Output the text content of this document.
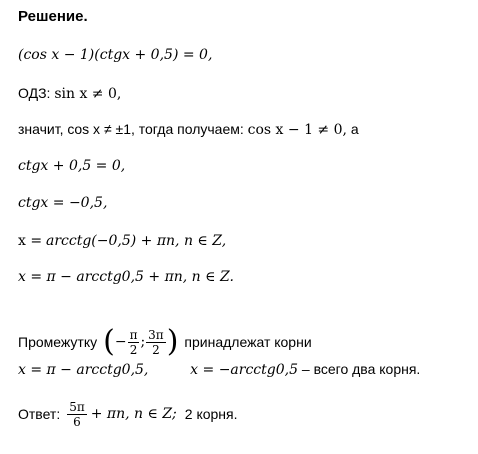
Решение.
(cos x − 1)(ctgx + 0,5) = 0,
ОДЗ: sin x ≠ 0,
значит, cos x ≠ ±1, тогда получаем: cos x − 1 ≠ 0, а
ctgx + 0,5 = 0,
ctgx = −0,5,
x = arcctg(−0,5) + πn, n ∈ Z,
x = π − arcctg0,5 + πn, n ∈ Z.
Промежутку ( − $\frac{\pi}{2}$ ; $\frac{3\pi}{2}$ ) принадлежат корни
x = π − arcctg0,5,	x = −arcctg0,5 – всего два корня.
Ответ: $\frac{5\pi}{6} + \pi n$, n ∈ Z; 2 корня.
